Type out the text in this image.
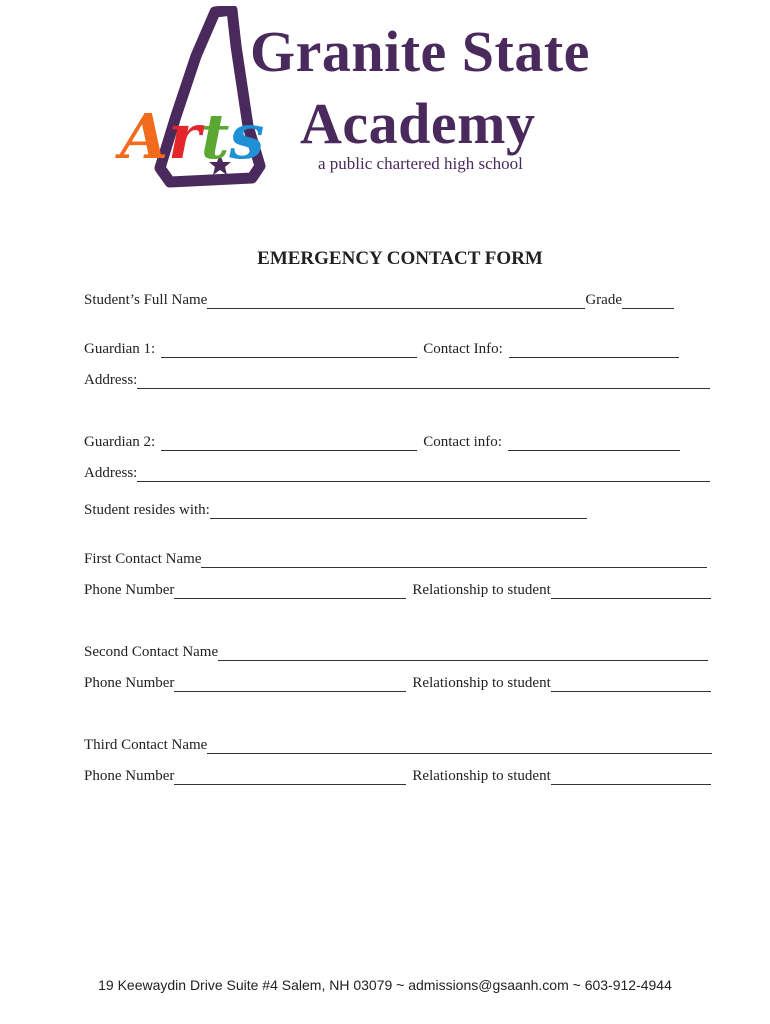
Granite State
Academy
a public chartered high school
Arts
EMERGENCY CONTACT FORM
Student’s Full Name	Grade
Guardian 1:	Contact Info:
Address:
Guardian 2:	Contact info:
Address:
Student resides with:
First Contact Name
Phone Number	Relationship to student
Second Contact Name
Phone Number	Relationship to student
Third Contact Name
Phone Number	Relationship to student
19 Keewaydin Drive Suite #4 Salem, NH 03079 ~ admissions@gsaanh.com ~ 603-912-4944
